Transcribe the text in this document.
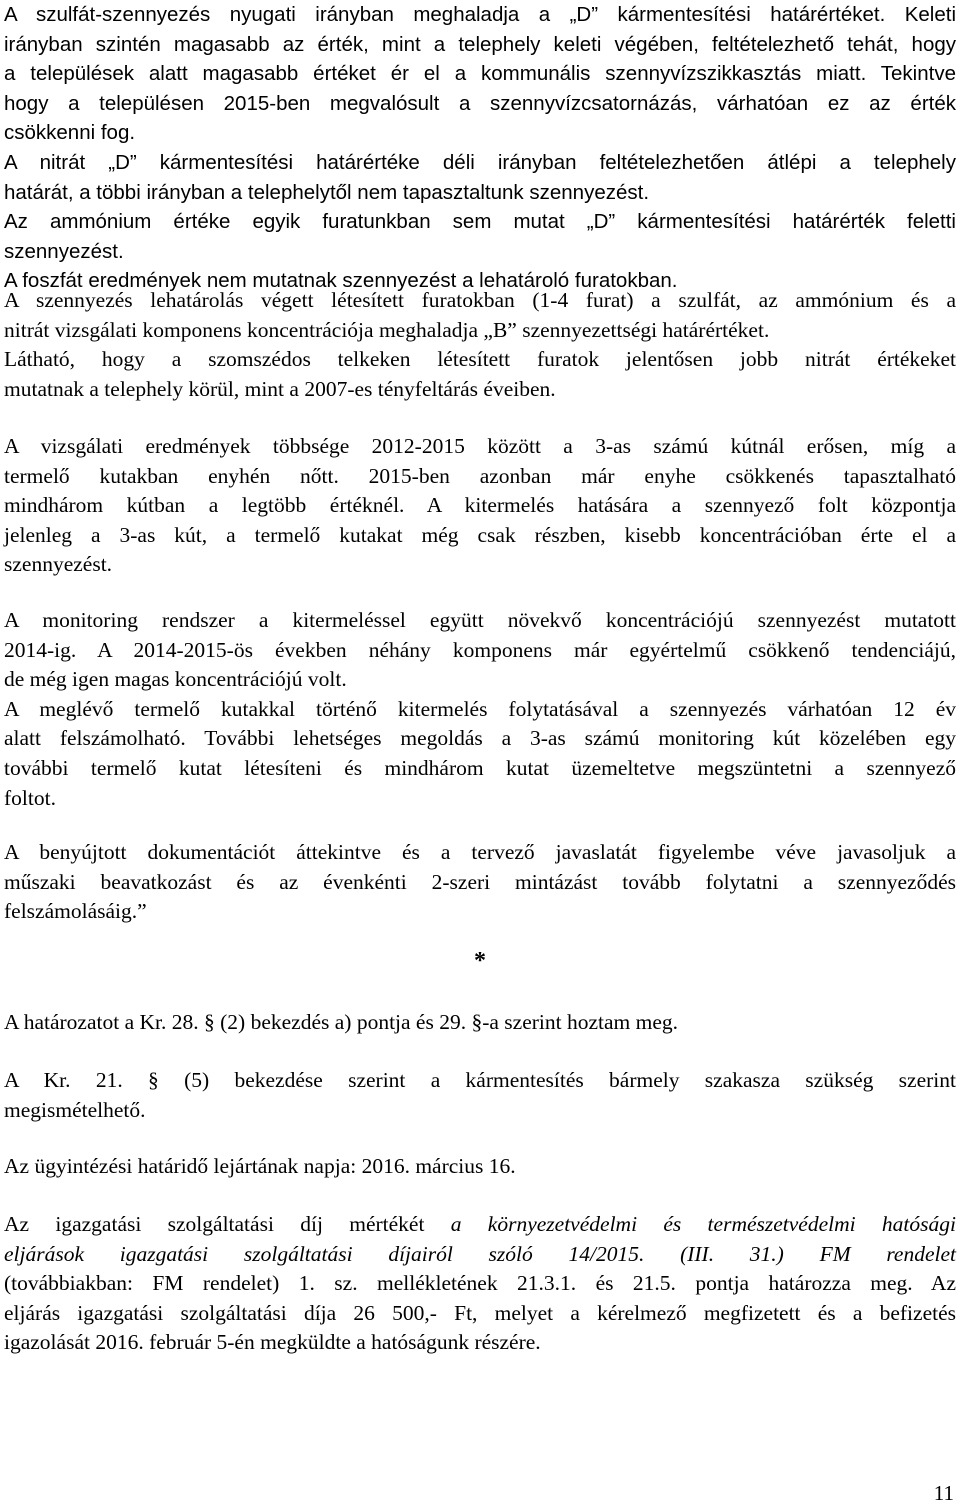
A szulfát-szennyezés nyugati irányban meghaladja a „D” kármentesítési határértéket. Keleti
irányban szintén magasabb az érték, mint a telephely keleti végében, feltételezhető tehát, hogy
a települések alatt magasabb értéket ér el a kommunális szennyvízszikkasztás miatt. Tekintve
hogy a településen 2015-ben megvalósult a szennyvízcsatornázás, várhatóan ez az érték
csökkenni fog.
A nitrát „D” kármentesítési határértéke déli irányban feltételezhetően átlépi a telephely
határát, a többi irányban a telephelytől nem tapasztaltunk szennyezést.
Az ammónium értéke egyik furatunkban sem mutat „D” kármentesítési határérték feletti
szennyezést.
A foszfát eredmények nem mutatnak szennyezést a lehatároló furatokban.
A szennyezés lehatárolás végett létesített furatokban (1-4 furat) a szulfát, az ammónium és a
nitrát vizsgálati komponens koncentrációja meghaladja „B” szennyezettségi határértéket.
Látható, hogy a szomszédos telkeken létesített furatok jelentősen jobb nitrát értékeket
mutatnak a telephely körül, mint a 2007-es tényfeltárás éveiben.
A vizsgálati eredmények többsége 2012-2015 között a 3-as számú kútnál erősen, míg a
termelő kutakban enyhén nőtt. 2015-ben azonban már enyhe csökkenés tapasztalható
mindhárom kútban a legtöbb értéknél. A kitermelés hatására a szennyező folt központja
jelenleg a 3-as kút, a termelő kutakat még csak részben, kisebb koncentrációban érte el a
szennyezést.
A monitoring rendszer a kitermeléssel együtt növekvő koncentrációjú szennyezést mutatott
2014-ig. A 2014-2015-ös években néhány komponens már egyértelmű csökkenő tendenciájú,
de még igen magas koncentrációjú volt.
A meglévő termelő kutakkal történő kitermelés folytatásával a szennyezés várhatóan 12 év
alatt felszámolható. További lehetséges megoldás a 3-as számú monitoring kút közelében egy
további termelő kutat létesíteni és mindhárom kutat üzemeltetve megszüntetni a szennyező
foltot.
A benyújtott dokumentációt áttekintve és a tervező javaslatát figyelembe véve javasoljuk a
műszaki beavatkozást és az évenkénti 2-szeri mintázást tovább folytatni a szennyeződés
felszámolásáig.”
*
A határozatot a Kr. 28. § (2) bekezdés a) pontja és 29. §-a szerint hoztam meg.
A Kr. 21. § (5) bekezdése szerint a kármentesítés bármely szakasza szükség szerint
megismételhető.
Az ügyintézési határidő lejártának napja: 2016. március 16.
Az igazgatási szolgáltatási díj mértékét a környezetvédelmi és természetvédelmi hatósági
eljárások igazgatási szolgáltatási díjairól szóló 14/2015. (III. 31.) FM rendelet
(továbbiakban: FM rendelet) 1. sz. mellékletének 21.3.1. és 21.5. pontja határozza meg. Az
eljárás igazgatási szolgáltatási díja 26 500,- Ft, melyet a kérelmező megfizetett és a befizetés
igazolását 2016. február 5-én megküldte a hatóságunk részére.
11
